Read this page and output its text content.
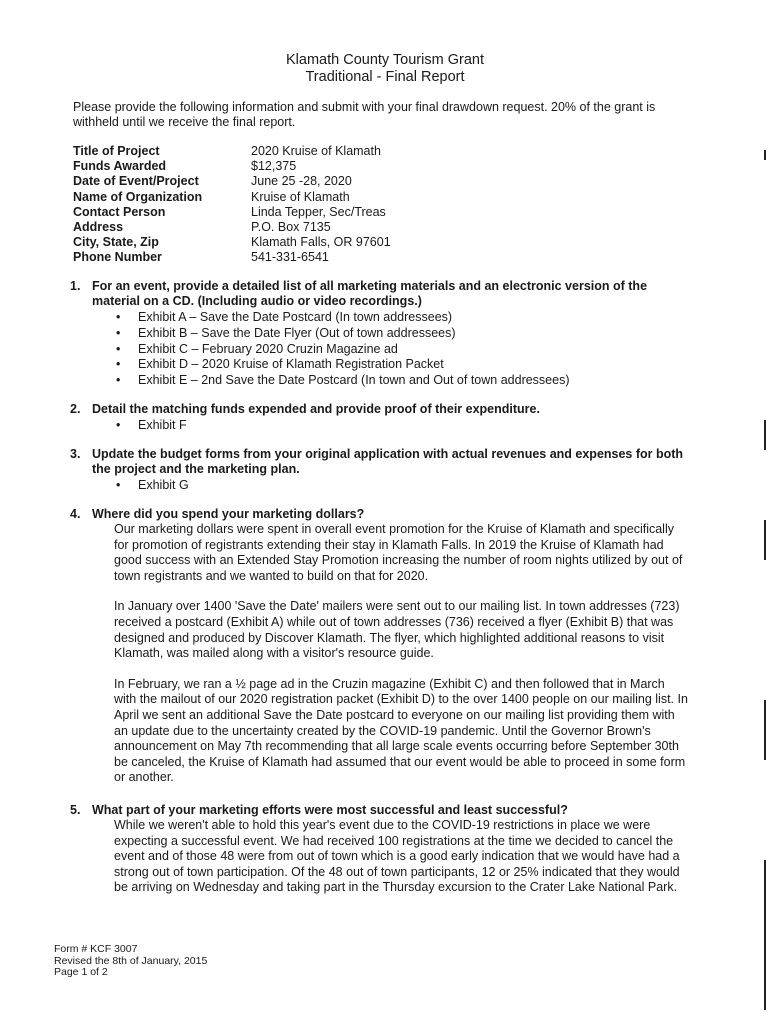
Klamath County Tourism Grant
Traditional - Final Report
Please provide the following information and submit with your final drawdown request. 20% of the grant is withheld until we receive the final report.
Title of Project	2020 Kruise of Klamath
Funds Awarded	$12,375
Date of Event/Project	June 25 -28, 2020
Name of Organization	Kruise of Klamath
Contact Person	Linda Tepper, Sec/Treas
Address	P.O. Box 7135
City, State, Zip	Klamath Falls, OR 97601
Phone Number	541-331-6541
1. For an event, provide a detailed list of all marketing materials and an electronic version of the material on a CD. (Including audio or video recordings.)
• Exhibit A – Save the Date Postcard (In town addressees)
• Exhibit B – Save the Date Flyer (Out of town addressees)
• Exhibit C – February 2020 Cruzin Magazine ad
• Exhibit D – 2020 Kruise of Klamath Registration Packet
• Exhibit E – 2nd Save the Date Postcard (In town and Out of town addressees)
2. Detail the matching funds expended and provide proof of their expenditure.
• Exhibit F
3. Update the budget forms from your original application with actual revenues and expenses for both the project and the marketing plan.
• Exhibit G
4. Where did you spend your marketing dollars?

Our marketing dollars were spent in overall event promotion for the Kruise of Klamath and specifically for promotion of registrants extending their stay in Klamath Falls. In 2019 the Kruise of Klamath had good success with an Extended Stay Promotion increasing the number of room nights utilized by out of town registrants and we wanted to build on that for 2020.

In January over 1400 'Save the Date' mailers were sent out to our mailing list. In town addresses (723) received a postcard (Exhibit A) while out of town addresses (736) received a flyer (Exhibit B) that was designed and produced by Discover Klamath. The flyer, which highlighted additional reasons to visit Klamath, was mailed along with a visitor's resource guide.

In February, we ran a ½ page ad in the Cruzin magazine (Exhibit C) and then followed that in March with the mailout of our 2020 registration packet (Exhibit D) to the over 1400 people on our mailing list. In April we sent an additional Save the Date postcard to everyone on our mailing list providing them with an update due to the uncertainty created by the COVID-19 pandemic. Until the Governor Brown's announcement on May 7th recommending that all large scale events occurring before September 30th be canceled, the Kruise of Klamath had assumed that our event would be able to proceed in some form or another.

5. What part of your marketing efforts were most successful and least successful?

While we weren't able to hold this year's event due to the COVID-19 restrictions in place we were expecting a successful event. We had received 100 registrations at the time we decided to cancel the event and of those 48 were from out of town which is a good early indication that we would have had a strong out of town participation. Of the 48 out of town participants, 12 or 25% indicated that they would be arriving on Wednesday and taking part in the Thursday excursion to the Crater Lake National Park.

Form # KCF 3007
Revised the 8th of January, 2015
Page 1 of 2
